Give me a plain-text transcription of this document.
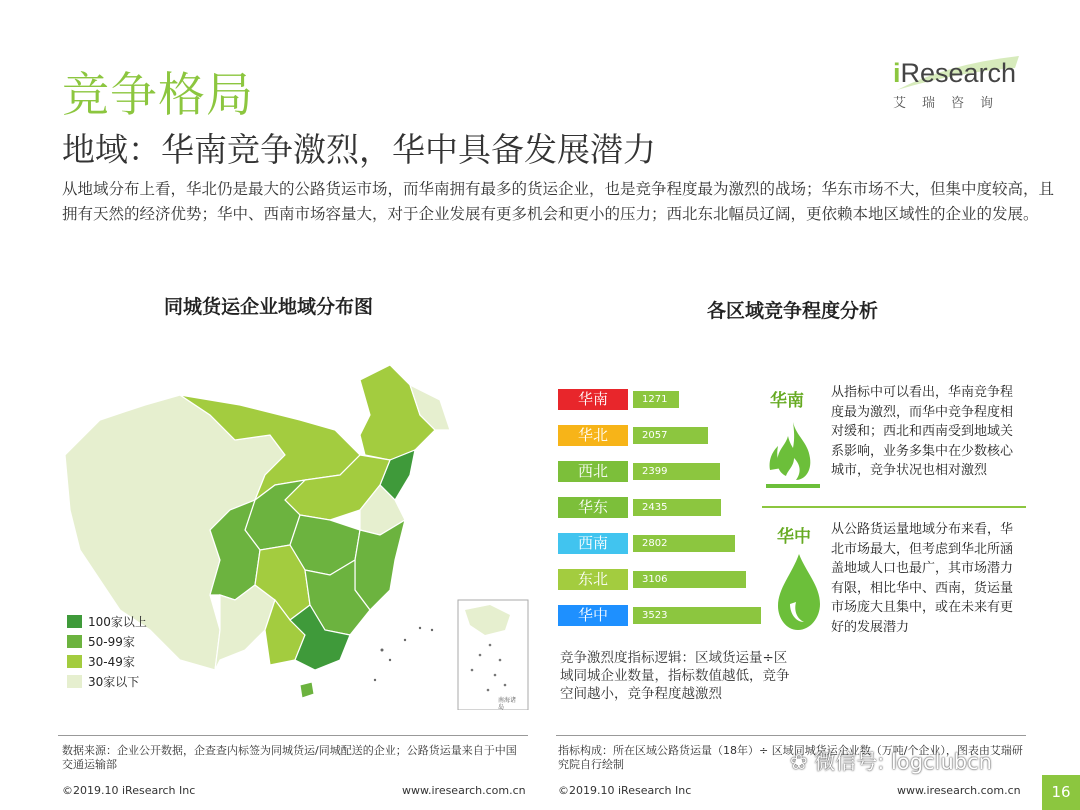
竞争格局
地域：华南竞争激烈，华中具备发展潜力
从地域分布上看，华北仍是最大的公路货运市场，而华南拥有最多的货运企业，也是竞争程度最为激烈的战场；华东市场不大，但集中度较高，且拥有天然的经济优势；华中、西南市场容量大，对于企业发展有更多机会和更小的压力；西北东北幅员辽阔，更依赖本地区域性的企业的发展。
iResearch
艾瑞咨询
同城货运企业地域分布图	各区域竞争程度分析
南海诸岛
100家以上
50-99家
30-49家
30家以下
华南	1271
华北	2057
西北	2399
华东	2435
西南	2802
东北	3106
华中	3523
华南 从指标中可以看出，华南竞争程度最为激烈，而华中竞争程度相对缓和；西北和西南受到地域关系影响，业务多集中在少数核心城市，竞争状况也相对激烈
华中 从公路货运量地域分布来看，华北市场最大，但考虑到华北所涵盖地域人口也最广，其市场潜力有限，相比华中、西南，货运量市场庞大且集中，或在未来有更好的发展潜力
竞争激烈度指标逻辑：区域货运量÷区域同城企业数量，指标数值越低，竞争空间越小，竞争程度越激烈
数据来源：企业公开数据，企查查内标签为同城货运/同城配送的企业；公路货运量来自于中国交通运输部
指标构成：所在区域公路货运量（18年）÷ 区域同城货运企业数（万吨/个企业），图表由艾瑞研究院自行绘制
©2019.10 iResearch Inc	www.iresearch.com.cn	©2019.10 iResearch Inc	www.iresearch.com.cn	16
❀ 微信号: logclubcn
